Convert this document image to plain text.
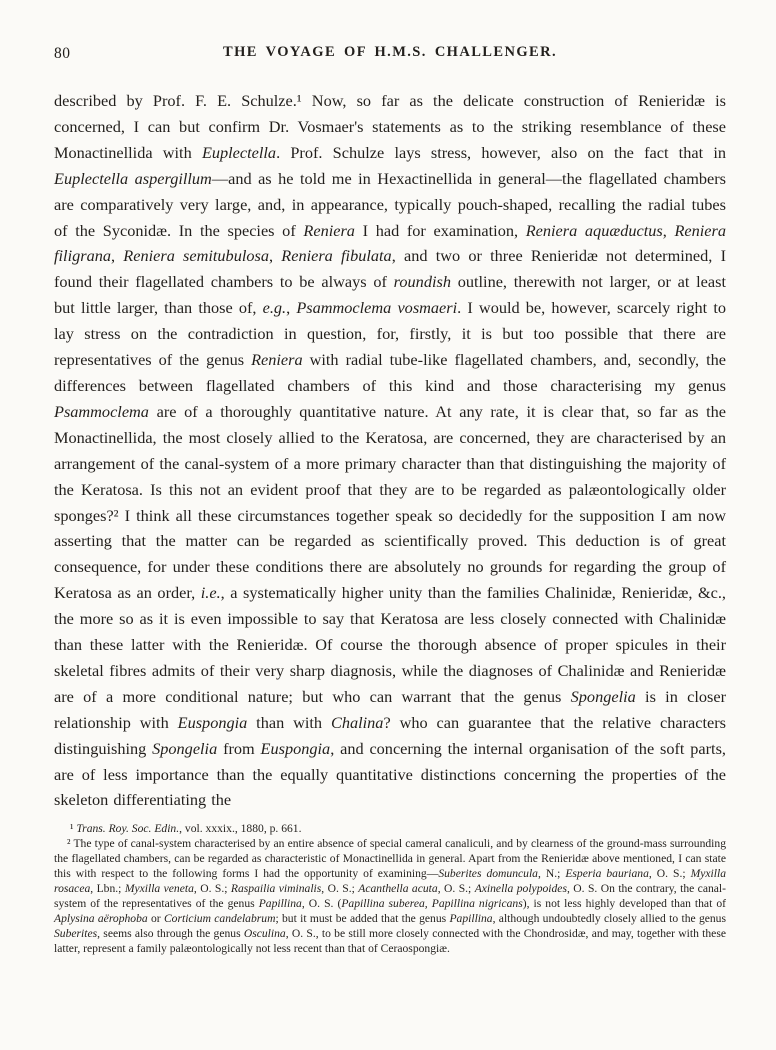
80	THE VOYAGE OF H.M.S. CHALLENGER.
described by Prof. F. E. Schulze.¹ Now, so far as the delicate construction of Renieridæ is concerned, I can but confirm Dr. Vosmaer's statements as to the striking resemblance of these Monactinellida with Euplectella. Prof. Schulze lays stress, however, also on the fact that in Euplectella aspergillum—and as he told me in Hexactinellida in general—the flagellated chambers are comparatively very large, and, in appearance, typically pouch-shaped, recalling the radial tubes of the Syconidæ. In the species of Reniera I had for examination, Reniera aquæductus, Reniera filigrana, Reniera semitubulosa, Reniera fibulata, and two or three Renieridæ not determined, I found their flagellated chambers to be always of roundish outline, therewith not larger, or at least but little larger, than those of, e.g., Psammoclema vosmaeri. I would be, however, scarcely right to lay stress on the contradiction in question, for, firstly, it is but too possible that there are representatives of the genus Reniera with radial tube-like flagellated chambers, and, secondly, the differences between flagellated chambers of this kind and those characterising my genus Psammoclema are of a thoroughly quantitative nature. At any rate, it is clear that, so far as the Monactinellida, the most closely allied to the Keratosa, are concerned, they are characterised by an arrangement of the canal-system of a more primary character than that distinguishing the majority of the Keratosa. Is this not an evident proof that they are to be regarded as palæontologically older sponges?² I think all these circumstances together speak so decidedly for the supposition I am now asserting that the matter can be regarded as scientifically proved. This deduction is of great consequence, for under these conditions there are absolutely no grounds for regarding the group of Keratosa as an order, i.e., a systematically higher unity than the families Chalinidæ, Renieridæ, &c., the more so as it is even impossible to say that Keratosa are less closely connected with Chalinidæ than these latter with the Renieridæ. Of course the thorough absence of proper spicules in their skeletal fibres admits of their very sharp diagnosis, while the diagnoses of Chalinidæ and Renieridæ are of a more conditional nature; but who can warrant that the genus Spongelia is in closer relationship with Euspongia than with Chalina? who can guarantee that the relative characters distinguishing Spongelia from Euspongia, and concerning the internal organisation of the soft parts, are of less importance than the equally quantitative distinctions concerning the properties of the skeleton differentiating the
¹ Trans. Roy. Soc. Edin., vol. xxxix., 1880, p. 661.
² The type of canal-system characterised by an entire absence of special cameral canaliculi, and by clearness of the ground-mass surrounding the flagellated chambers, can be regarded as characteristic of Monactinellida in general. Apart from the Renieridæ above mentioned, I can state this with respect to the following forms I had the opportunity of examining—Suberites domuncula, N.; Esperia bauriana, O. S.; Myxilla rosacea, Lbn.; Myxilla veneta, O. S.; Raspailia viminalis, O. S.; Acanthella acuta, O. S.; Axinella polypoides, O. S. On the contrary, the canal-system of the representatives of the genus Papillina, O. S. (Papillina suberea, Papillina nigricans), is not less highly developed than that of Aplysina aërophoba or Corticium candelabrum; but it must be added that the genus Papillina, although undoubtedly closely allied to the genus Suberites, seems also through the genus Osculina, O. S., to be still more closely connected with the Chondrosidæ, and may, together with these latter, represent a family palæontologically not less recent than that of Ceraospongiæ.
